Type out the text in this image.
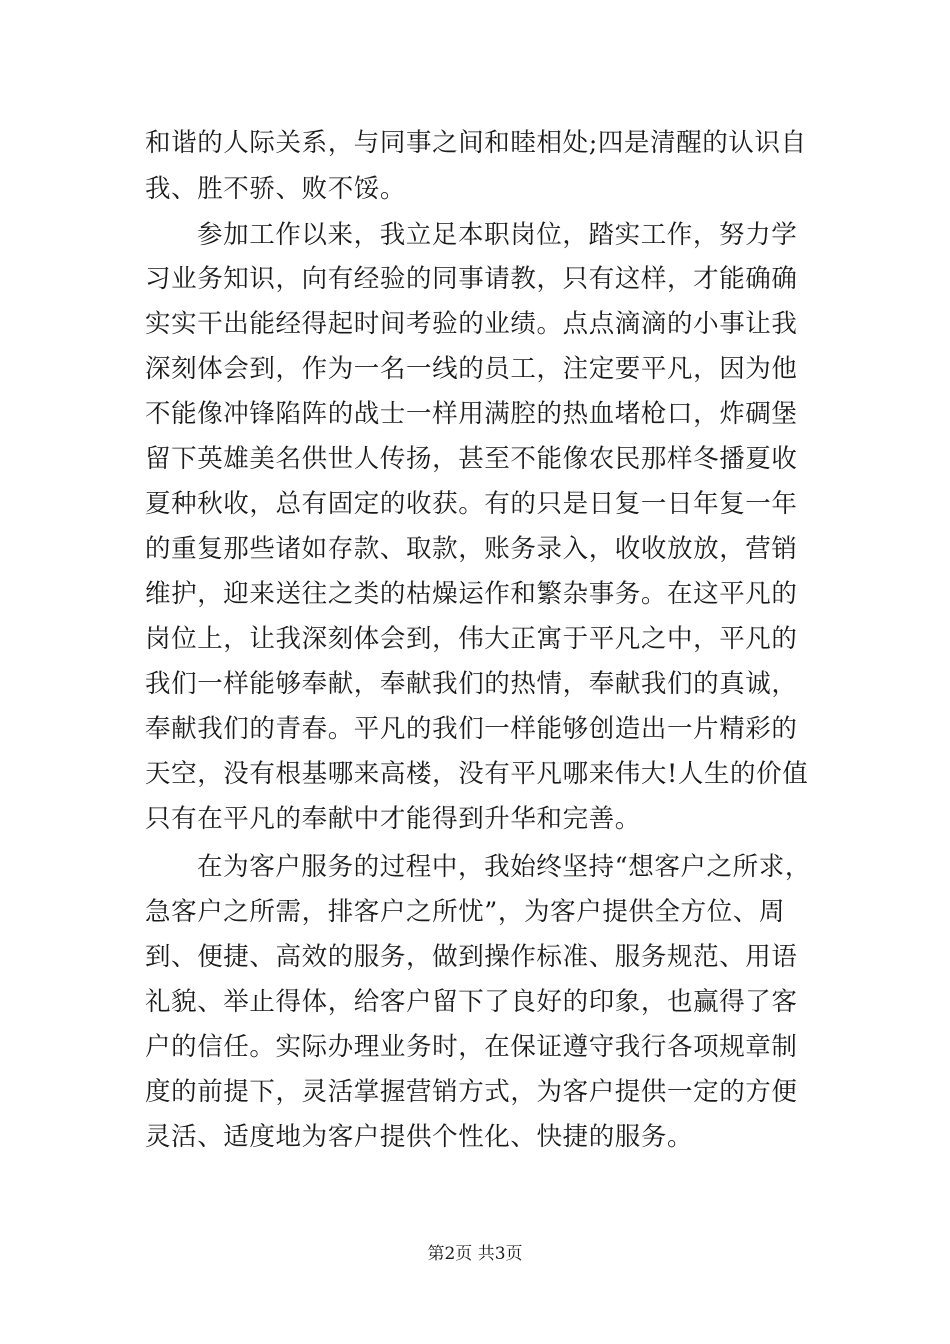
和谐的人际关系，与同事之间和睦相处;四是清醒的认识自
我、胜不骄、败不馁。
参加工作以来，我立足本职岗位，踏实工作，努力学
习业务知识，向有经验的同事请教，只有这样，才能确确
实实干出能经得起时间考验的业绩。点点滴滴的小事让我
深刻体会到，作为一名一线的员工，注定要平凡，因为他
不能像冲锋陷阵的战士一样用满腔的热血堵枪口，炸碉堡
留下英雄美名供世人传扬，甚至不能像农民那样冬播夏收
夏种秋收，总有固定的收获。有的只是日复一日年复一年
的重复那些诸如存款、取款，账务录入，收收放放，营销
维护，迎来送往之类的枯燥运作和繁杂事务。在这平凡的
岗位上，让我深刻体会到，伟大正寓于平凡之中，平凡的
我们一样能够奉献，奉献我们的热情，奉献我们的真诚，
奉献我们的青春。平凡的我们一样能够创造出一片精彩的
天空，没有根基哪来高楼，没有平凡哪来伟大!人生的价值
只有在平凡的奉献中才能得到升华和完善。
在为客户服务的过程中，我始终坚持“想客户之所求，
急客户之所需，排客户之所忧”，为客户提供全方位、周
到、便捷、高效的服务，做到操作标准、服务规范、用语
礼貌、举止得体，给客户留下了良好的印象，也赢得了客
户的信任。实际办理业务时，在保证遵守我行各项规章制
度的前提下，灵活掌握营销方式，为客户提供一定的方便
灵活、适度地为客户提供个性化、快捷的服务。
第2页 共3页
